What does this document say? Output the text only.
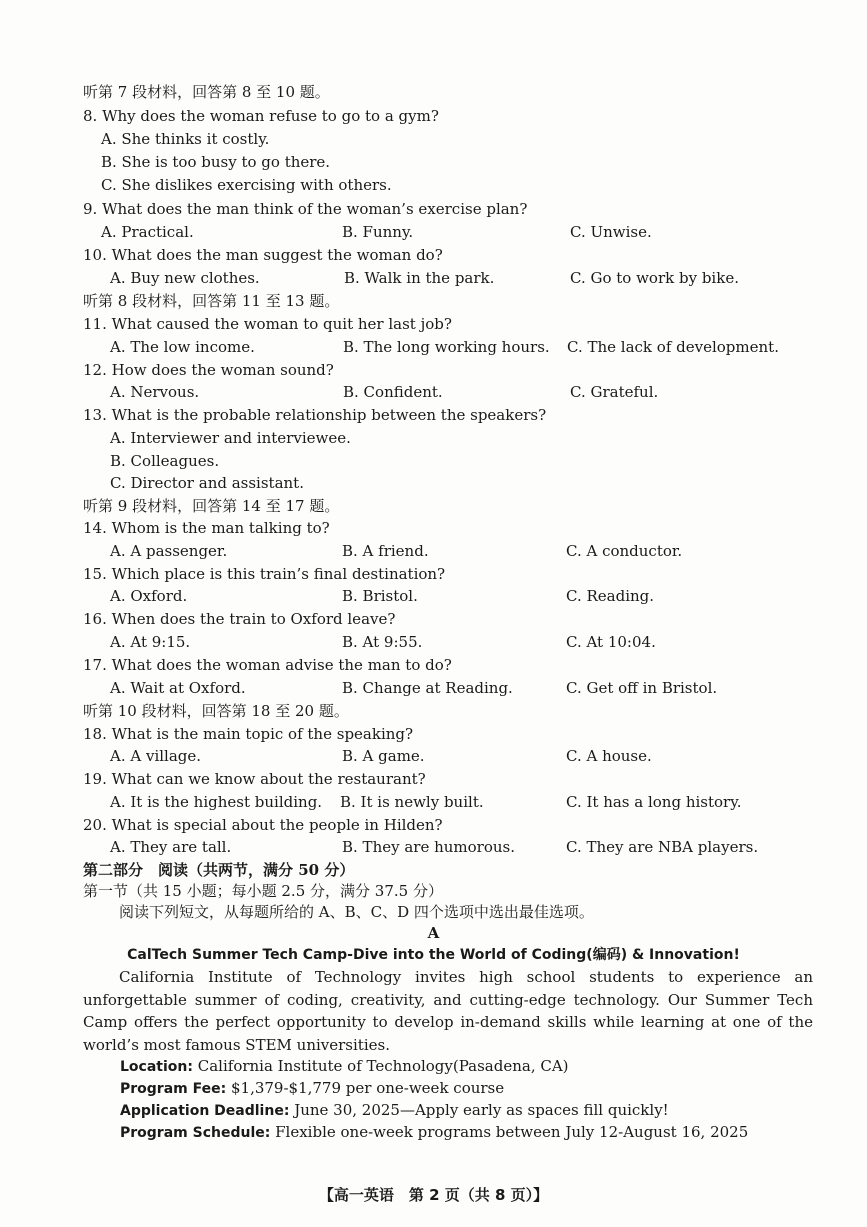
听第 7 段材料，回答第 8 至 10 题。
8. Why does the woman refuse to go to a gym?
A. She thinks it costly.
B. She is too busy to go there.
C. She dislikes exercising with others.
9. What does the man think of the woman’s exercise plan?
A. Practical.	B. Funny.	C. Unwise.
10. What does the man suggest the woman do?
A. Buy new clothes.	B. Walk in the park.	C. Go to work by bike.
听第 8 段材料，回答第 11 至 13 题。
11. What caused the woman to quit her last job?
A. The low income.	B. The long working hours. C. The lack of development.
12. How does the woman sound?
A. Nervous.	B. Confident.	C. Grateful.
13. What is the probable relationship between the speakers?
A. Interviewer and interviewee.
B. Colleagues.
C. Director and assistant.
听第 9 段材料，回答第 14 至 17 题。
14. Whom is the man talking to?
A. A passenger.	B. A friend.	C. A conductor.
15. Which place is this train’s final destination?
A. Oxford.	B. Bristol.	C. Reading.
16. When does the train to Oxford leave?
A. At 9:15.	B. At 9:55.	C. At 10:04.
17. What does the woman advise the man to do?
A. Wait at Oxford.	B. Change at Reading.	C. Get off in Bristol.
听第 10 段材料，回答第 18 至 20 题。
18. What is the main topic of the speaking?
A. A village.	B. A game.	C. A house.
19. What can we know about the restaurant?
A. It is the highest building. B. It is newly built.	C. It has a long history.
20. What is special about the people in Hilden?
A. They are tall.	B. They are humorous.	C. They are NBA players.
第二部分　阅读（共两节，满分 50 分）
第一节（共 15 小题；每小题 2.5 分，满分 37.5 分）
阅读下列短文，从每题所给的 A、B、C、D 四个选项中选出最佳选项。
A
CalTech Summer Tech Camp-Dive into the World of Coding(编码) & Innovation!
California Institute of Technology invites high school students to experience an unforgettable summer of coding, creativity, and cutting-edge technology. Our Summer Tech Camp offers the perfect opportunity to develop in-demand skills while learning at one of the world’s most famous STEM universities.
Location: California Institute of Technology(Pasadena, CA)
Program Fee: $1,379-$1,779 per one-week course
Application Deadline: June 30, 2025—Apply early as spaces fill quickly!
Program Schedule: Flexible one-week programs between July 12-August 16, 2025
【高一英语　第 2 页（共 8 页）】
